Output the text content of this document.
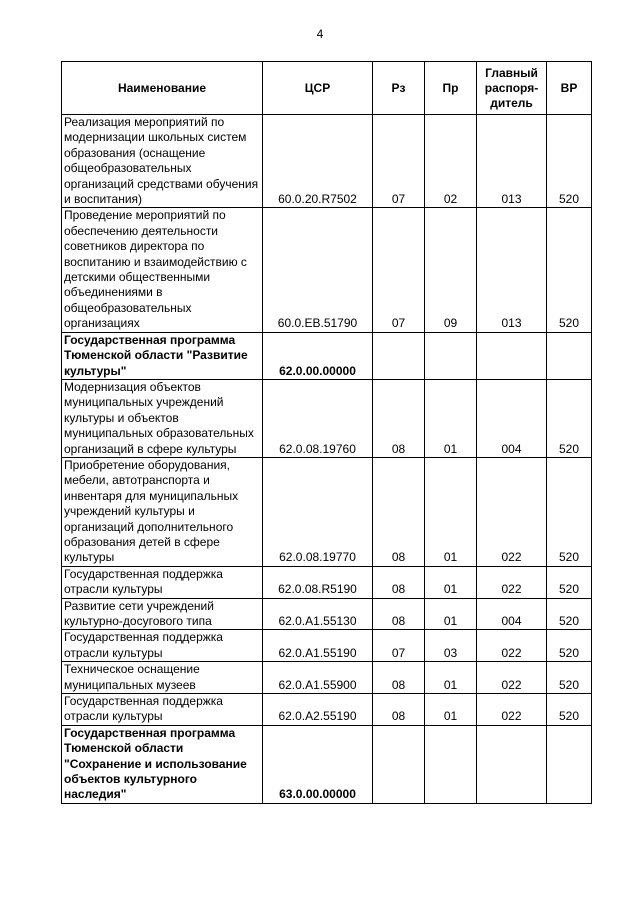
4
Наименование	ЦСР	Рз	Пр	Главный распоря-дитель	ВР
Реализация мероприятий по модернизации школьных систем образования (оснащение общеобразовательных организаций средствами обучения и воспитания)	60.0.20.R7502	07	02	013	520
Проведение мероприятий по обеспечению деятельности советников директора по воспитанию и взаимодействию с детскими общественными объединениями в общеобразовательных организациях	60.0.EB.51790	07	09	013	520
Государственная программа Тюменской области "Развитие культуры"	62.0.00.00000				
Модернизация объектов муниципальных учреждений культуры и объектов муниципальных образовательных организаций в сфере культуры	62.0.08.19760	08	01	004	520
Приобретение оборудования, мебели, автотранспорта и инвентаря для муниципальных учреждений культуры и организаций дополнительного образования детей в сфере культуры	62.0.08.19770	08	01	022	520
Государственная поддержка отрасли культуры	62.0.08.R5190	08	01	022	520
Развитие сети учреждений культурно-досугового типа	62.0.A1.55130	08	01	004	520
Государственная поддержка отрасли культуры	62.0.A1.55190	07	03	022	520
Техническое оснащение муниципальных музеев	62.0.A1.55900	08	01	022	520
Государственная поддержка отрасли культуры	62.0.A2.55190	08	01	022	520
Государственная программа Тюменской области "Сохранение и использование объектов культурного наследия"	63.0.00.00000				
